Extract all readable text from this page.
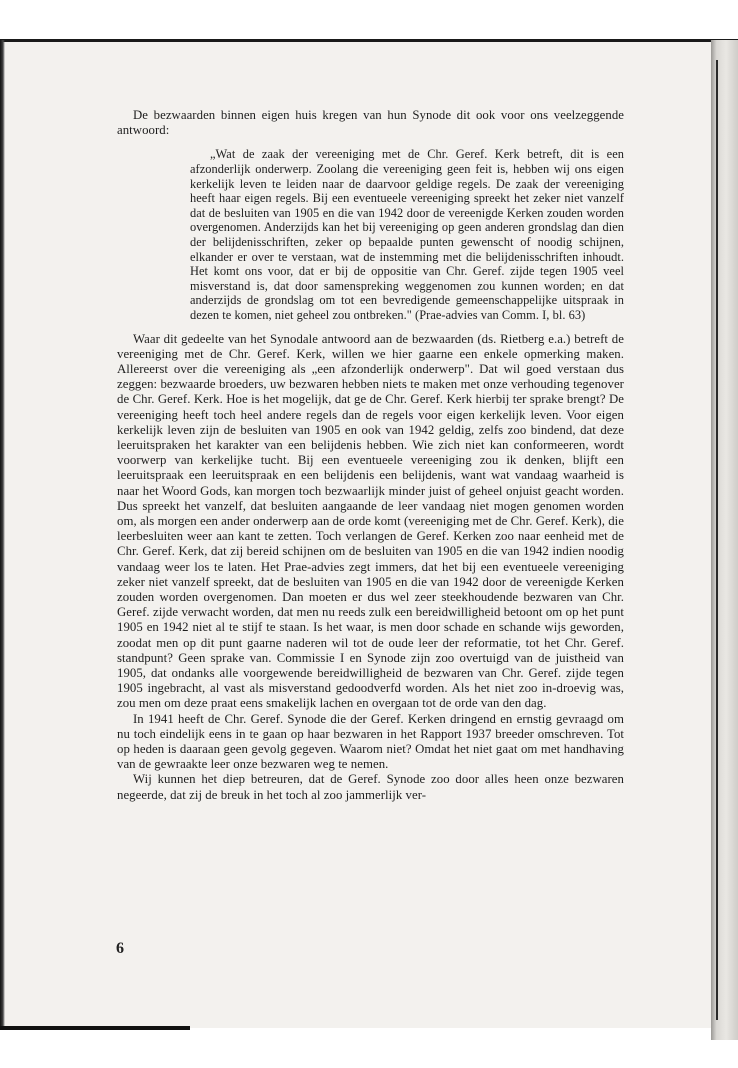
De bezwaarden binnen eigen huis kregen van hun Synode dit ook voor ons veelzeggende antwoord:

„Wat de zaak der vereeniging met de Chr. Geref. Kerk betreft, dit is een afzonderlijk onderwerp. Zoolang die vereeniging geen feit is, hebben wij ons eigen kerkelijk leven te leiden naar de daarvoor geldige regels. De zaak der vereeniging heeft haar eigen regels. Bij een eventueele vereeniging spreekt het zeker niet vanzelf dat de besluiten van 1905 en die van 1942 door de vereenigde Kerken zouden worden overgenomen. Anderzijds kan het bij vereeniging op geen anderen grondslag dan dien der belijdenisschriften, zeker op bepaalde punten gewenscht of noodig schijnen, elkander er over te verstaan, wat de instemming met die belijdenisschriften inhoudt. Het komt ons voor, dat er bij de oppositie van Chr. Geref. zijde tegen 1905 veel misverstand is, dat door samenspreking weggenomen zou kunnen worden; en dat anderzijds de grondslag om tot een bevredigende gemeenschappelijke uitspraak in dezen te komen, niet geheel zou ontbreken." (Prae-advies van Comm. I, bl. 63)

Waar dit gedeelte van het Synodale antwoord aan de bezwaarden (ds. Rietberg e.a.) betreft de vereeniging met de Chr. Geref. Kerk, willen we hier gaarne een enkele opmerking maken. Allereerst over die vereeniging als „een afzonderlijk onderwerp". Dat wil goed verstaan dus zeggen: bezwaarde broeders, uw bezwaren hebben niets te maken met onze verhouding tegenover de Chr. Geref. Kerk. Hoe is het mogelijk, dat ge de Chr. Geref. Kerk hierbij ter sprake brengt? De vereeniging heeft toch heel andere regels dan de regels voor eigen kerkelijk leven. Voor eigen kerkelijk leven zijn de besluiten van 1905 en ook van 1942 geldig, zelfs zoo bindend, dat deze leeruitspraken het karakter van een belijdenis hebben. Wie zich niet kan conformeeren, wordt voorwerp van kerkelijke tucht. Bij een eventueele vereeniging zou ik denken, blijft een leeruitspraak een leeruitspraak en een belijdenis een belijdenis, want wat vandaag waarheid is naar het Woord Gods, kan morgen toch bezwaarlijk minder juist of geheel onjuist geacht worden. Dus spreekt het vanzelf, dat besluiten aangaande de leer vandaag niet mogen genomen worden om, als morgen een ander onderwerp aan de orde komt (vereeniging met de Chr. Geref. Kerk), die leerbesluiten weer aan kant te zetten. Toch verlangen de Geref. Kerken zoo naar eenheid met de Chr. Geref. Kerk, dat zij bereid schijnen om de besluiten van 1905 en die van 1942 indien noodig vandaag weer los te laten. Het Prae-advies zegt immers, dat het bij een eventueele vereeniging zeker niet vanzelf spreekt, dat de besluiten van 1905 en die van 1942 door de vereenigde Kerken zouden worden overgenomen. Dan moeten er dus wel zeer steekhoudende bezwaren van Chr. Geref. zijde verwacht worden, dat men nu reeds zulk een bereidwilligheid betoont om op het punt 1905 en 1942 niet al te stijf te staan. Is het waar, is men door schade en schande wijs geworden, zoodat men op dit punt gaarne naderen wil tot de oude leer der reformatie, tot het Chr. Geref. standpunt? Geen sprake van. Commissie I en Synode zijn zoo overtuigd van de juistheid van 1905, dat ondanks alle voorgewende bereidwilligheid de bezwaren van Chr. Geref. zijde tegen 1905 ingebracht, al vast als misverstand gedoodverfd worden. Als het niet zoo in-droevig was, zou men om deze praat eens smakelijk lachen en overgaan tot de orde van den dag.

In 1941 heeft de Chr. Geref. Synode die der Geref. Kerken dringend en ernstig gevraagd om nu toch eindelijk eens in te gaan op haar bezwaren in het Rapport 1937 breeder omschreven. Tot op heden is daaraan geen gevolg gegeven. Waarom niet? Omdat het niet gaat om met handhaving van de gewraakte leer onze bezwaren weg te nemen.

Wij kunnen het diep betreuren, dat de Geref. Synode zoo door alles heen onze bezwaren negeerde, dat zij de breuk in het toch al zoo jammerlijk ver-

6
